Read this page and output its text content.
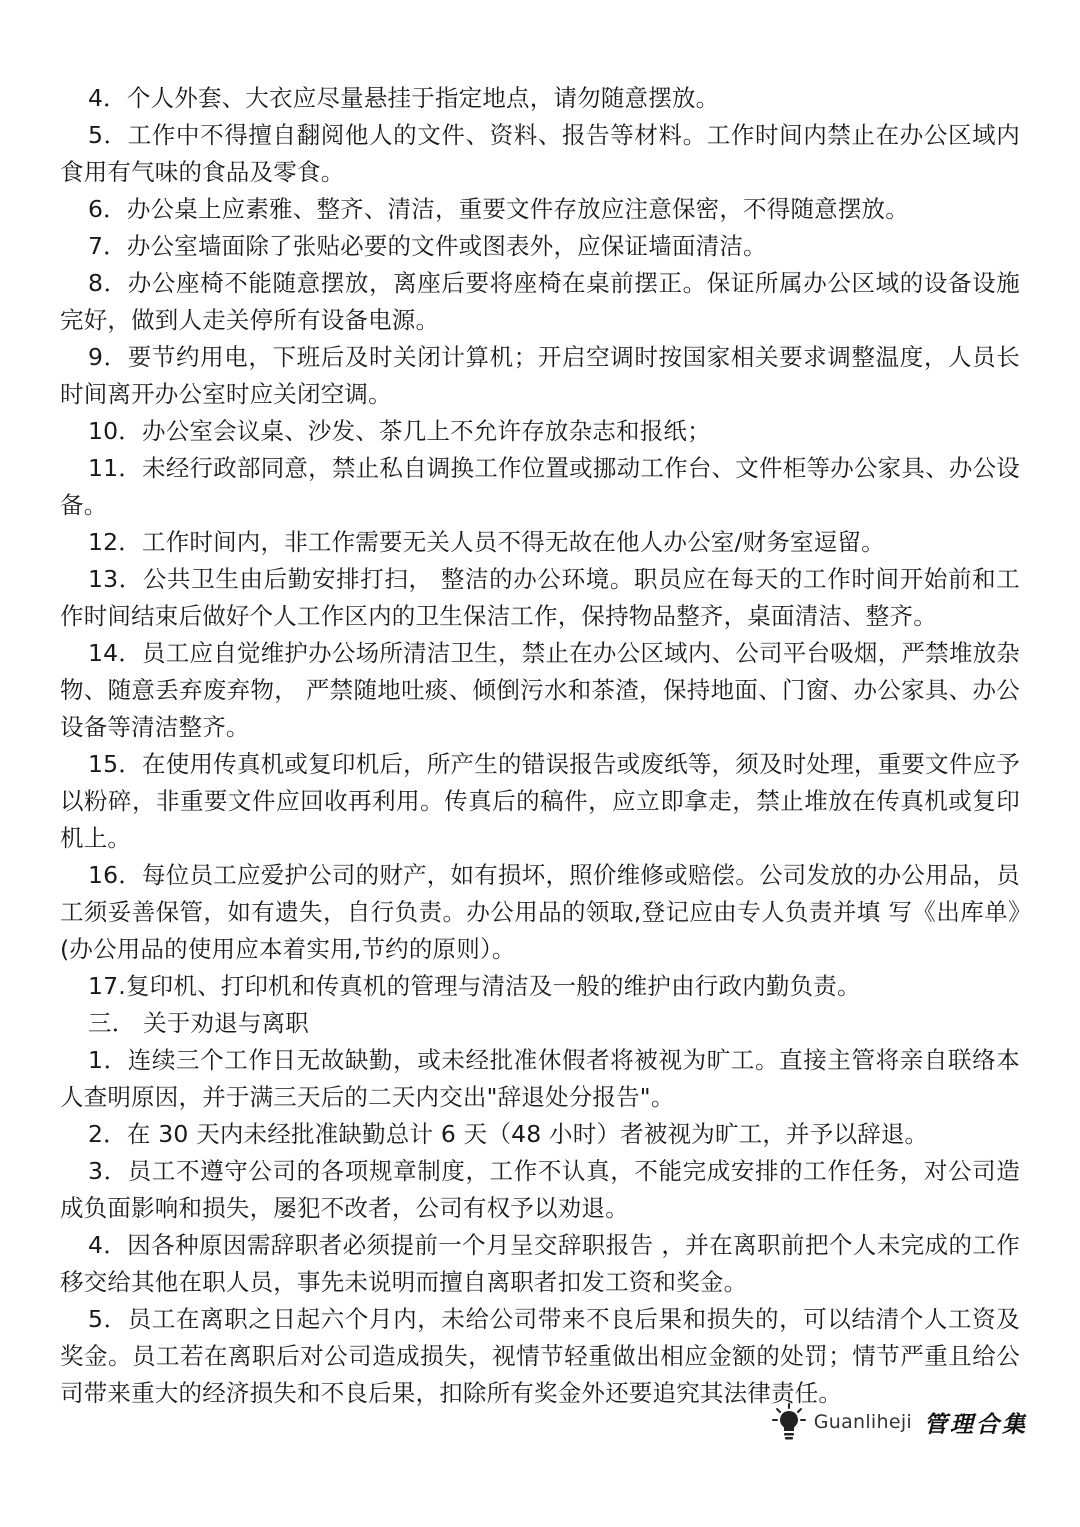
4．个人外套、大衣应尽量悬挂于指定地点，请勿随意摆放。

5．工作中不得擅自翻阅他人的文件、资料、报告等材料。工作时间内禁止在办公区域内食用有气味的食品及零食。

6．办公桌上应素雅、整齐、清洁，重要文件存放应注意保密，不得随意摆放。

7．办公室墙面除了张贴必要的文件或图表外，应保证墙面清洁。

8．办公座椅不能随意摆放，离座后要将座椅在桌前摆正。保证所属办公区域的设备设施完好，做到人走关停所有设备电源。

9．要节约用电，下班后及时关闭计算机；开启空调时按国家相关要求调整温度，人员长时间离开办公室时应关闭空调。

10．办公室会议桌、沙发、茶几上不允许存放杂志和报纸；

11．未经行政部同意，禁止私自调换工作位置或挪动工作台、文件柜等办公家具、办公设备。

12．工作时间内，非工作需要无关人员不得无故在他人办公室/财务室逗留。

13．公共卫生由后勤安排打扫， 整洁的办公环境。职员应在每天的工作时间开始前和工作时间结束后做好个人工作区内的卫生保洁工作，保持物品整齐，桌面清洁、整齐。

14．员工应自觉维护办公场所清洁卫生，禁止在办公区域内、公司平台吸烟，严禁堆放杂物、随意丢弃废弃物， 严禁随地吐痰、倾倒污水和茶渣，保持地面、门窗、办公家具、办公设备等清洁整齐。

15．在使用传真机或复印机后，所产生的错误报告或废纸等，须及时处理，重要文件应予以粉碎，非重要文件应回收再利用。传真后的稿件，应立即拿走，禁止堆放在传真机或复印机上。

16．每位员工应爱护公司的财产，如有损坏，照价维修或赔偿。公司发放的办公用品，员工须妥善保管，如有遗失，自行负责。办公用品的领取,登记应由专人负责并填 写《出库单》(办公用品的使用应本着实用,节约的原则）。

17.复印机、打印机和传真机的管理与清洁及一般的维护由行政内勤负责。

三． 关于劝退与离职

1．连续三个工作日无故缺勤，或未经批准休假者将被视为旷工。直接主管将亲自联络本人查明原因，并于满三天后的二天内交出"辞退处分报告"。

2．在 30 天内未经批准缺勤总计 6 天（48 小时）者被视为旷工，并予以辞退。

3．员工不遵守公司的各项规章制度，工作不认真，不能完成安排的工作任务，对公司造成负面影响和损失，屡犯不改者，公司有权予以劝退。

4．因各种原因需辞职者必须提前一个月呈交辞职报告 ，并在离职前把个人未完成的工作移交给其他在职人员，事先未说明而擅自离职者扣发工资和奖金。

5．员工在离职之日起六个月内，未给公司带来不良后果和损失的，可以结清个人工资及奖金。员工若在离职后对公司造成损失，视情节轻重做出相应金额的处罚；情节严重且给公司带来重大的经济损失和不良后果，扣除所有奖金外还要追究其法律责任。

Guanliheji 管理合集
